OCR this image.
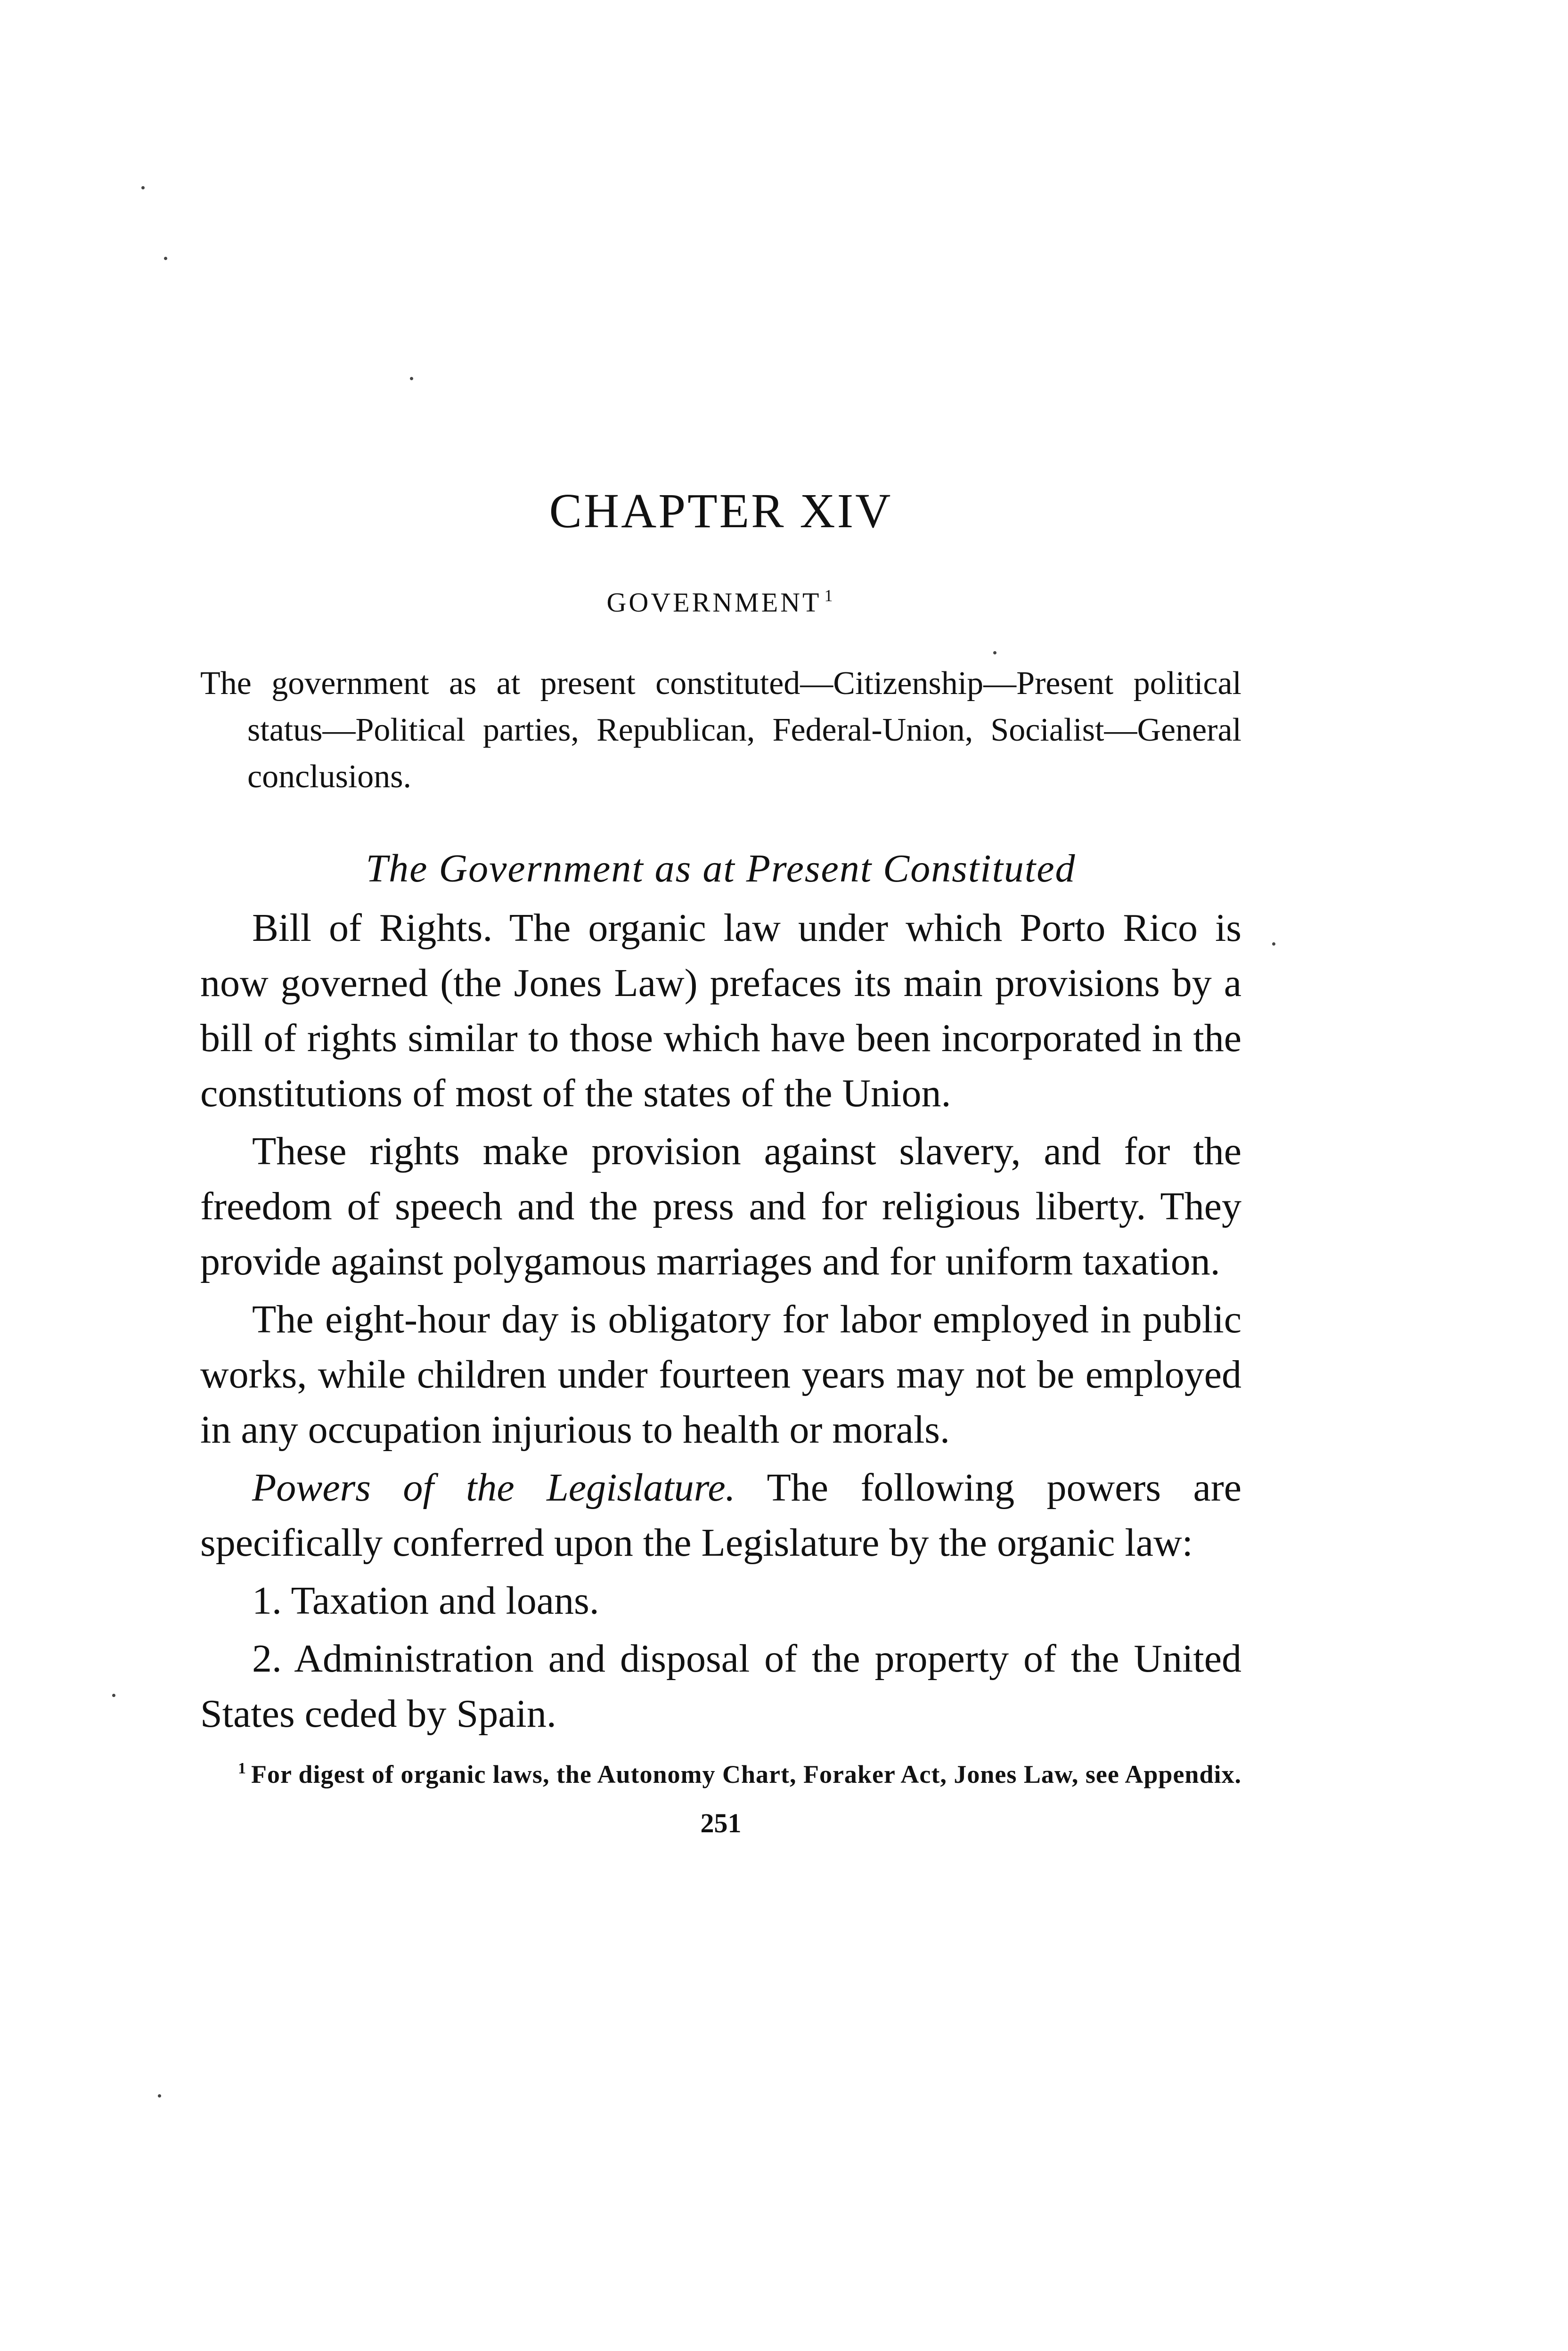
CHAPTER XIV
GOVERNMENT $^1$

The government as at present constituted—Citizenship—Present political status—Political parties, Republican, Federal-Union, Socialist—General conclusions.

The Government as at Present Constituted

Bill of Rights. The organic law under which Porto Rico is now governed (the Jones Law) prefaces its main provisions by a bill of rights similar to those which have been incorporated in the constitutions of most of the states of the Union.

These rights make provision against slavery, and for the freedom of speech and the press and for religious liberty. They provide against polygamous marriages and for uniform taxation.

The eight-hour day is obligatory for labor employed in public works, while children under fourteen years may not be employed in any occupation injurious to health or morals.

Powers of the Legislature. The following powers are specifically conferred upon the Legislature by the organic law:

1. Taxation and loans.

2. Administration and disposal of the property of the United States ceded by Spain.

$^1$ For digest of organic laws, the Autonomy Chart, Foraker Act, Jones Law, see Appendix.

251
